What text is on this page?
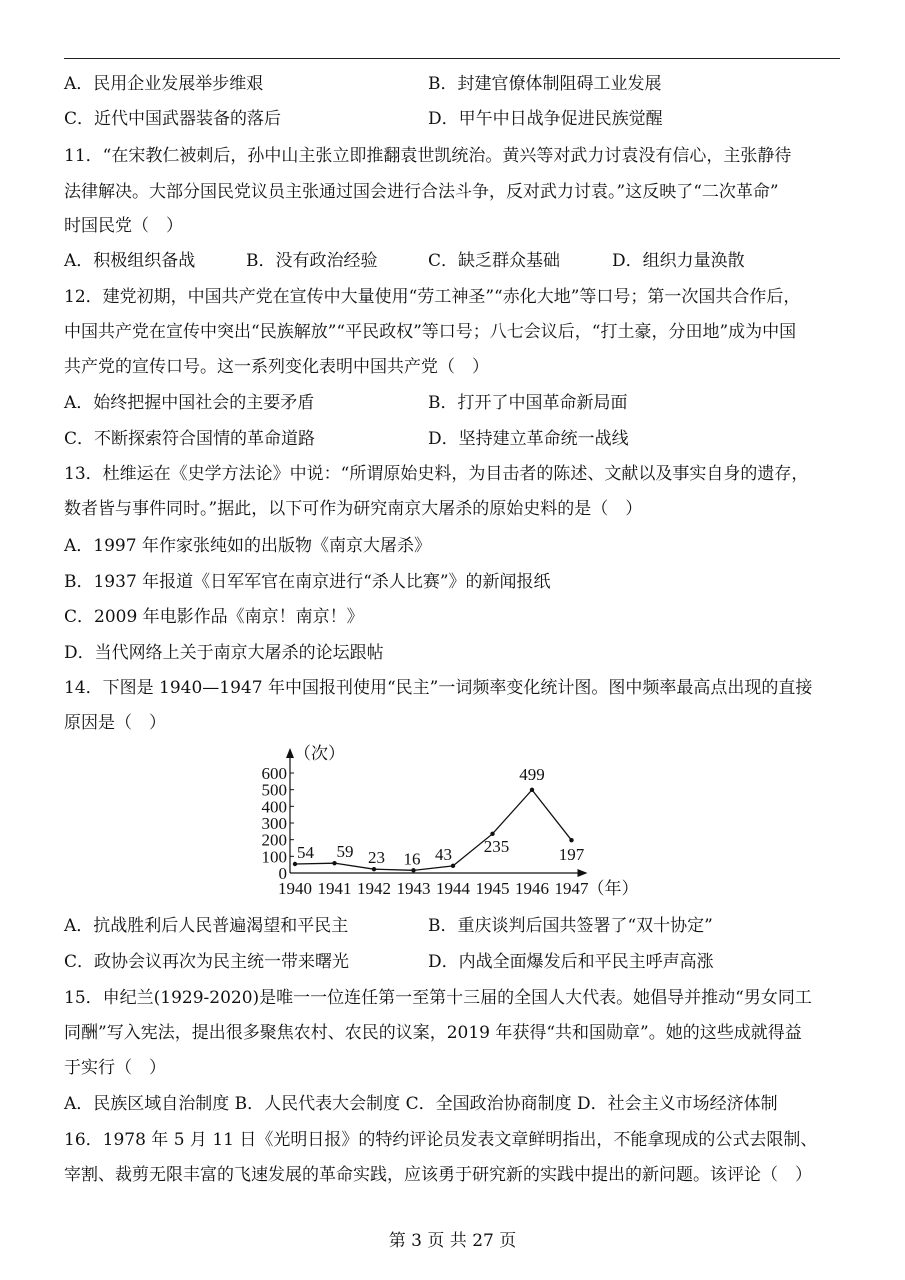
A．民用企业发展举步维艰	B．封建官僚体制阻碍工业发展
C．近代中国武器装备的落后	D．甲午中日战争促进民族觉醒
11．“在宋教仁被刺后，孙中山主张立即推翻袁世凯统治。黄兴等对武力讨袁没有信心，主张静待
法律解决。大部分国民党议员主张通过国会进行合法斗争，反对武力讨袁。”这反映了“二次革命”
时国民党（　）
A．积极组织备战	B．没有政治经验	C．缺乏群众基础	D．组织力量涣散
12．建党初期，中国共产党在宣传中大量使用“劳工神圣”“赤化大地”等口号；第一次国共合作后，
中国共产党在宣传中突出“民族解放”“平民政权”等口号；八七会议后，“打土豪，分田地”成为中国
共产党的宣传口号。这一系列变化表明中国共产党（　）
A．始终把握中国社会的主要矛盾	B．打开了中国革命新局面
C．不断探索符合国情的革命道路	D．坚持建立革命统一战线
13．杜维运在《史学方法论》中说：“所谓原始史料，为目击者的陈述、文献以及事实自身的遗存，
数者皆与事件同时。”据此，以下可作为研究南京大屠杀的原始史料的是（　）
A．1997 年作家张纯如的出版物《南京大屠杀》
B．1937 年报道《日军军官在南京进行“杀人比赛”》的新闻报纸
C．2009 年电影作品《南京！南京！》
D．当代网络上关于南京大屠杀的论坛跟帖
14．下图是 1940—1947 年中国报刊使用“民主”一词频率变化统计图。图中频率最高点出现的直接
原因是（　）
（次）
0
100
200
300
400
500
600
1940 1941 1942 1943 1944 1945 1946 1947 （年）
54 59 23 16 43 235
499
197
A．抗战胜利后人民普遍渴望和平民主	B．重庆谈判后国共签署了“双十协定”
C．政协会议再次为民主统一带来曙光	D．内战全面爆发后和平民主呼声高涨
15．申纪兰(1929-2020)是唯一一位连任第一至第十三届的全国人大代表。她倡导并推动“男女同工
同酬”写入宪法，提出很多聚焦农村、农民的议案，2019 年获得“共和国勋章”。她的这些成就得益
于实行（　）
A．民族区域自治制度 B．人民代表大会制度 C．全国政治协商制度 D．社会主义市场经济体制
16．1978 年 5 月 11 日《光明日报》的特约评论员发表文章鲜明指出，不能拿现成的公式去限制、
宰割、裁剪无限丰富的飞速发展的革命实践，应该勇于研究新的实践中提出的新问题。该评论（　）
第 3 页 共 27 页
